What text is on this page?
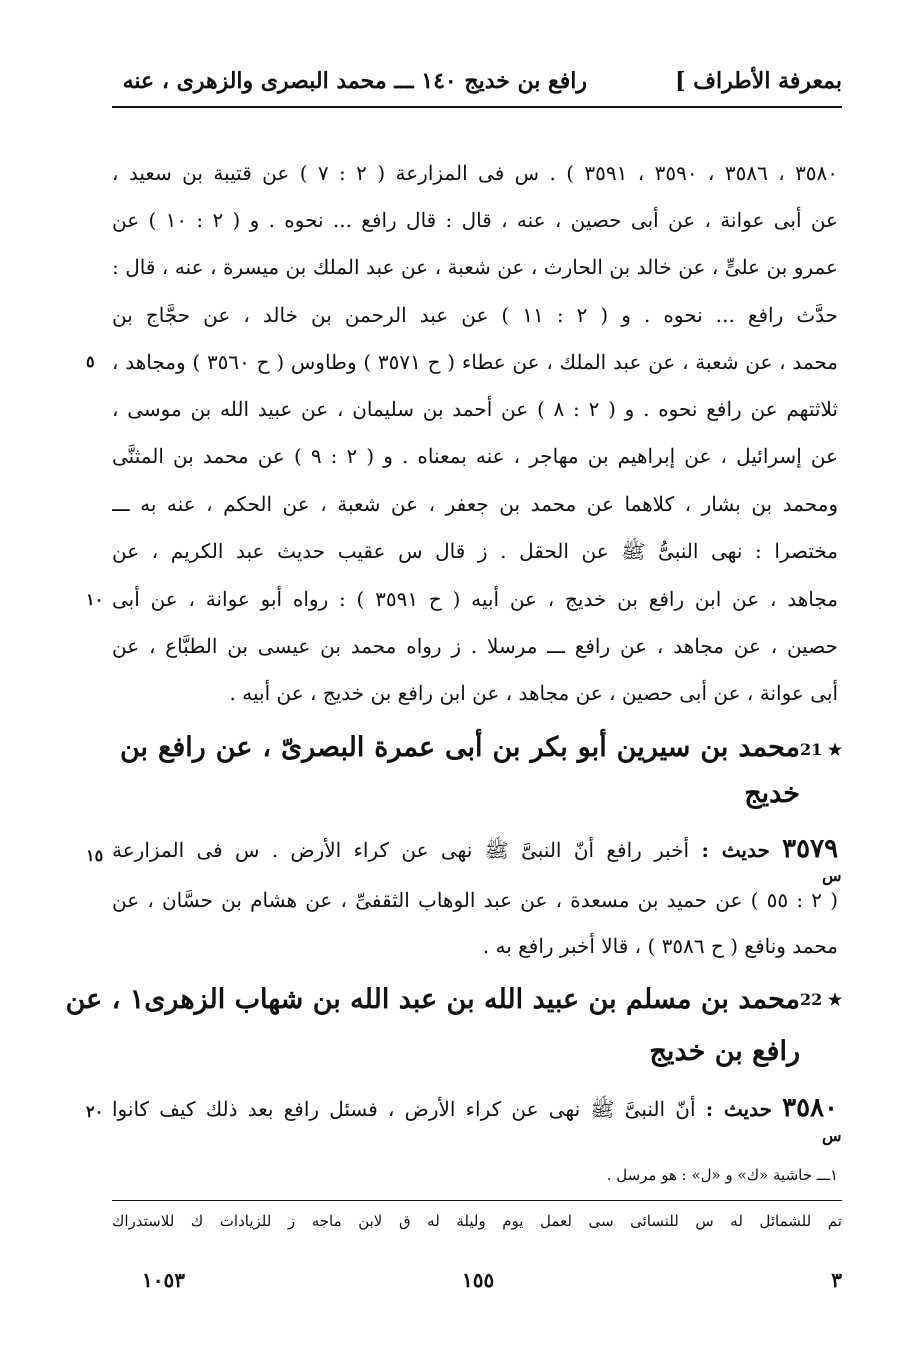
بمعرفة الأطراف ]
رافع بن خديج ١٤٠ ـــ محمد البصرى والزهرى ، عنه
٣٥٨٠ ، ٣٥٨٦ ، ٣٥٩٠ ، ٣٥٩١ ) . س فى المزارعة ( ٢ : ٧ ) عن قتيبة بن سعيد ،
عن أبى عوانة ، عن أبى حصين ، عنه ، قال : قال رافع ... نحوه . و ( ٢ : ١٠ ) عن
عمرو بن علىٍّ ، عن خالد بن الحارث ، عن شعبة ، عن عبد الملك بن ميسرة ، عنه ، قال :
حدَّث رافع ... نحوه . و ( ٢ : ١١ ) عن عبد الرحمن بن خالد ، عن حجَّاج بن
محمد ، عن شعبة ، عن عبد الملك ، عن عطاء ( ح ٣٥٧١ ) وطاوس ( ح ٣٥٦٠ ) ومجاهد ،
٥
ثلاثتهم عن رافع نحوه . و ( ٢ : ٨ ) عن أحمد بن سليمان ، عن عبيد الله بن موسى ،
عن إسرائيل ، عن إبراهيم بن مهاجر ، عنه بمعناه . و ( ٢ : ٩ ) عن محمد بن المثنَّى
ومحمد بن بشار ، كلاهما عن محمد بن جعفر ، عن شعبة ، عن الحكم ، عنه به ـــ
مختصرا : نهى النبىُّ ﷺ عن الحقل . ز قال س عقيب حديث عبد الكريم ، عن
مجاهد ، عن ابن رافع بن خديج ، عن أبيه ( ح ٣٥٩١ ) : رواه أبو عوانة ، عن أبى
١٠
حصين ، عن مجاهد ، عن رافع ـــ مرسلا . ز رواه محمد بن عيسى بن الطبَّاع ، عن
أبى عوانة ، عن أبى حصين ، عن مجاهد ، عن ابن رافع بن خديج ، عن أبيه .
21 ★
محمد بن سيرين أبو بكر بن أبى عمرة البصرىّ ، عن رافع بن
خديج
٣٥٧٩ حديث : أخبر رافع أنّ النبىَّ ﷺ نهى عن كراء الأرض . س فى المزارعة
س
١٥
( ٢ : ٥٥ ) عن حميد بن مسعدة ، عن عبد الوهاب الثقفىِّ ، عن هشام بن حسَّان ، عن
محمد ونافع ( ح ٣٥٨٦ ) ، قالا أخبر رافع به .
22 ★
محمد بن مسلم بن عبيد الله بن عبد الله بن شهاب الزهرى١ ، عن
رافع بن خديج
٣٥٨٠ حديث : أنّ النبىَّ ﷺ نهى عن كراء الأرض ، فسئل رافع بعد ذلك كيف كانوا
س
٢٠
١ـــ حاشية «ك» و «ل» : هو مرسل .
تم للشمائل له س للنسائى سى لعمل يوم وليلة له ق لابن ماجه ز للزيادات ك للاستدراك
٣
١٥٥
١٠٥٣
